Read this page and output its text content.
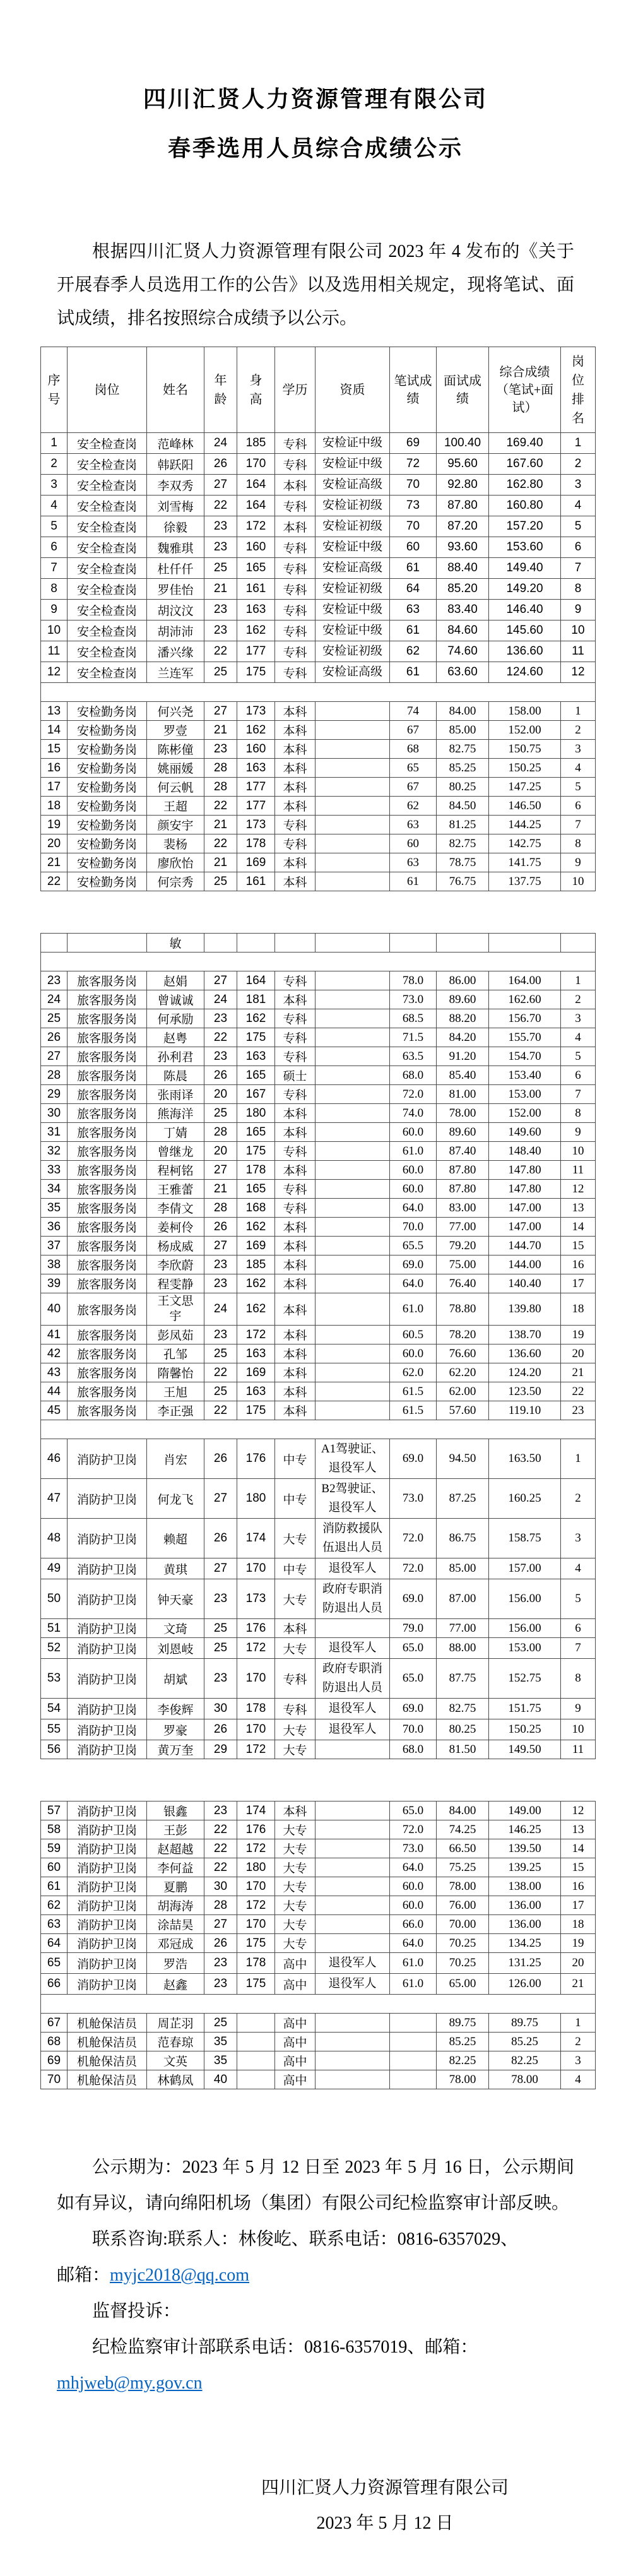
四川汇贤人力资源管理有限公司
春季选用人员综合成绩公示
根据四川汇贤人力资源管理有限公司 2023 年 4 发布的《关于开展春季人员选用工作的公告》以及选用相关规定，现将笔试、面试成绩，排名按照综合成绩予以公示。
序号	岗位	姓名	年龄	身高	学历	资质	笔试成绩	面试成绩	综合成绩（笔试+面试）	岗位排名
1	安全检查岗	范峰林	24	185	专科	安检证中级	69	100.40	169.40	1
2	安全检查岗	韩跃阳	26	170	专科	安检证中级	72	95.60	167.60	2
3	安全检查岗	李双秀	27	164	本科	安检证高级	70	92.80	162.80	3
4	安全检查岗	刘雪梅	22	164	专科	安检证初级	73	87.80	160.80	4
5	安全检查岗	徐毅	23	172	本科	安检证初级	70	87.20	157.20	5
6	安全检查岗	魏雅琪	23	160	专科	安检证中级	60	93.60	153.60	6
7	安全检查岗	杜仟仟	25	165	专科	安检证高级	61	88.40	149.40	7
8	安全检查岗	罗佳怡	21	161	专科	安检证初级	64	85.20	149.20	8
9	安全检查岗	胡汶汶	23	163	专科	安检证中级	63	83.40	146.40	9
10	安全检查岗	胡沛沛	23	162	专科	安检证中级	61	84.60	145.60	10
11	安全检查岗	潘兴缘	22	177	专科	安检证初级	62	74.60	136.60	11
12	安全检查岗	兰连军	25	175	专科	安检证高级	61	63.60	124.60	12

13	安检勤务岗	何兴尧	27	173	本科		74	84.00	158.00	1
14	安检勤务岗	罗壹	21	162	本科		67	85.00	152.00	2
15	安检勤务岗	陈彬僮	23	160	本科		68	82.75	150.75	3
16	安检勤务岗	姚丽媛	28	163	本科		65	85.25	150.25	4
17	安检勤务岗	何云帆	28	177	本科		67	80.25	147.25	5
18	安检勤务岗	王超	22	177	本科		62	84.50	146.50	6
19	安检勤务岗	颜安宇	21	173	专科		63	81.25	144.25	7
20	安检勤务岗	裴杨	22	178	专科		60	82.75	142.75	8
21	安检勤务岗	廖欣怡	21	169	本科		63	78.75	141.75	9
22	安检勤务岗	何宗秀	25	161	本科		61	76.75	137.75	10
		敏								

23	旅客服务岗	赵娟	27	164	专科		78.0	86.00	164.00	1
24	旅客服务岗	曾诚诚	24	181	本科		73.0	89.60	162.60	2
25	旅客服务岗	何承励	23	162	专科		68.5	88.20	156.70	3
26	旅客服务岗	赵粤	22	175	专科		71.5	84.20	155.70	4
27	旅客服务岗	孙利君	23	163	专科		63.5	91.20	154.70	5
28	旅客服务岗	陈晨	26	165	硕士		68.0	85.40	153.40	6
29	旅客服务岗	张雨译	20	167	专科		72.0	81.00	153.00	7
30	旅客服务岗	熊海洋	25	180	本科		74.0	78.00	152.00	8
31	旅客服务岗	丁婧	28	165	本科		60.0	89.60	149.60	9
32	旅客服务岗	曾继龙	20	175	专科		61.0	87.40	148.40	10
33	旅客服务岗	程柯铭	27	178	本科		60.0	87.80	147.80	11
34	旅客服务岗	王雅蕾	21	165	专科		60.0	87.80	147.80	12
35	旅客服务岗	李倩文	28	168	专科		64.0	83.00	147.00	13
36	旅客服务岗	姜柯伶	26	162	本科		70.0	77.00	147.00	14
37	旅客服务岗	杨成威	27	169	本科		65.5	79.20	144.70	15
38	旅客服务岗	李欣蔚	23	185	本科		69.0	75.00	144.00	16
39	旅客服务岗	程雯静	23	162	本科		64.0	76.40	140.40	17
40	旅客服务岗	王文思宇	24	162	本科		61.0	78.80	139.80	18
41	旅客服务岗	彭凤茹	23	172	本科		60.5	78.20	138.70	19
42	旅客服务岗	孔邹	25	163	本科		60.0	76.60	136.60	20
43	旅客服务岗	隋馨怡	22	169	本科		62.0	62.20	124.20	21
44	旅客服务岗	王旭	25	163	本科		61.5	62.00	123.50	22
45	旅客服务岗	李正强	22	175	本科		61.5	57.60	119.10	23

46	消防护卫岗	肖宏	26	176	中专	A1驾驶证、退役军人	69.0	94.50	163.50	1
47	消防护卫岗	何龙飞	27	180	中专	B2驾驶证、退役军人	73.0	87.25	160.25	2
48	消防护卫岗	赖超	26	174	大专	消防救援队伍退出人员	72.0	86.75	158.75	3
49	消防护卫岗	黄琪	27	170	中专	退役军人	72.0	85.00	157.00	4
50	消防护卫岗	钟天豪	23	173	大专	政府专职消防退出人员	69.0	87.00	156.00	5
51	消防护卫岗	文琦	25	176	本科		79.0	77.00	156.00	6
52	消防护卫岗	刘恩岐	25	172	大专	退役军人	65.0	88.00	153.00	7
53	消防护卫岗	胡斌	23	170	专科	政府专职消防退出人员	65.0	87.75	152.75	8
54	消防护卫岗	李俊辉	30	178	专科	退役军人	69.0	82.75	151.75	9
55	消防护卫岗	罗豪	26	170	大专	退役军人	70.0	80.25	150.25	10
56	消防护卫岗	黄万奎	29	172	大专		68.0	81.50	149.50	11
57	消防护卫岗	银鑫	23	174	本科		65.0	84.00	149.00	12
58	消防护卫岗	王彭	22	176	大专		72.0	74.25	146.25	13
59	消防护卫岗	赵超越	22	172	大专		73.0	66.50	139.50	14
60	消防护卫岗	李何益	22	180	大专		64.0	75.25	139.25	15
61	消防护卫岗	夏鹏	30	170	大专		60.0	78.00	138.00	16
62	消防护卫岗	胡海涛	28	172	大专		60.0	76.00	136.00	17
63	消防护卫岗	涂喆昊	27	170	大专		66.0	70.00	136.00	18
64	消防护卫岗	邓冠成	26	175	大专		64.0	70.25	134.25	19
65	消防护卫岗	罗浩	23	178	高中	退役军人	61.0	70.25	131.25	20
66	消防护卫岗	赵鑫	23	175	高中	退役军人	61.0	65.00	126.00	21

67	机舱保洁员	周芷羽	25		高中			89.75	89.75	1
68	机舱保洁员	范春琼	35		高中			85.25	85.25	2
69	机舱保洁员	文英	35		高中			82.25	82.25	3
70	机舱保洁员	林鹤凤	40		高中			78.00	78.00	4

公示期为：2023 年 5 月 12 日至 2023 年 5 月 16 日，公示期间如有异议，请向绵阳机场（集团）有限公司纪检监察审计部反映。

联系咨询:联系人：林俊屹、联系电话：0816-6357029、
邮箱：myjc2018@qq.com

监督投诉：

纪检监察审计部联系电话：0816-6357019、邮箱：
mhjweb@my.gov.cn

四川汇贤人力资源管理有限公司
2023 年 5 月 12 日
